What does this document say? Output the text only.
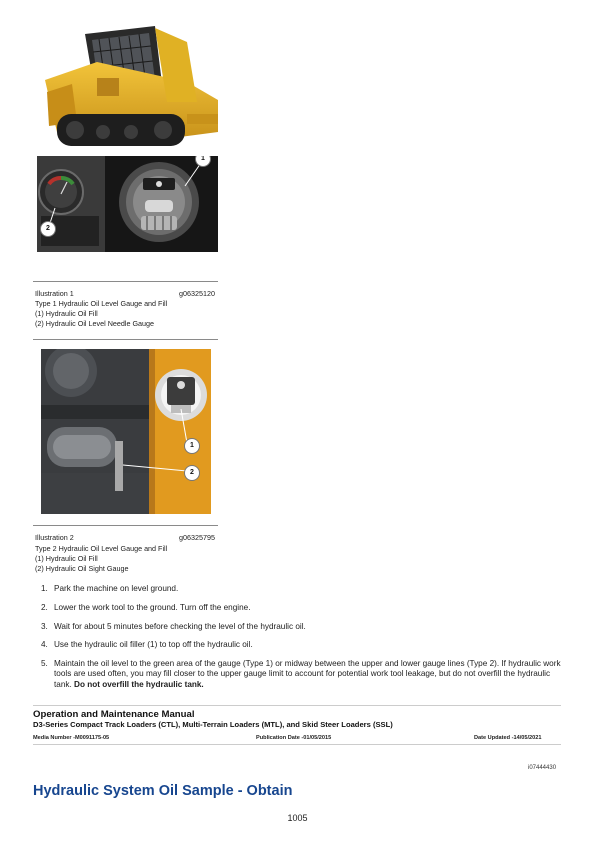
1
2
Illustration 1	g06325120
Type 1 Hydraulic Oil Level Gauge and Fill
(1) Hydraulic Oil Fill
(2) Hydraulic Oil Level Needle Gauge
1
2
Illustration 2	g06325795
Type 2 Hydraulic Oil Level Gauge and Fill
(1) Hydraulic Oil Fill
(2) Hydraulic Oil Sight Gauge
1. Park the machine on level ground.
2. Lower the work tool to the ground. Turn off the engine.
3. Wait for about 5 minutes before checking the level of the hydraulic oil.
4. Use the hydraulic oil filler (1) to top off the hydraulic oil.
5. Maintain the oil level to the green area of the gauge (Type 1) or midway between the upper and lower gauge lines (Type 2). If hydraulic work tools are used often, you may fill closer to the upper gauge limit to account for potential work tool leakage, but do not overfill the hydraulic tank. Do not overfill the hydraulic tank.
Operation and Maintenance Manual
D3-Series Compact Track Loaders (CTL), Multi-Terrain Loaders (MTL), and Skid Steer Loaders (SSL)
Media Number -M0091175-05	Publication Date -01/05/2015	Date Updated -14/05/2021
i07444430
Hydraulic System Oil Sample - Obtain
1005
